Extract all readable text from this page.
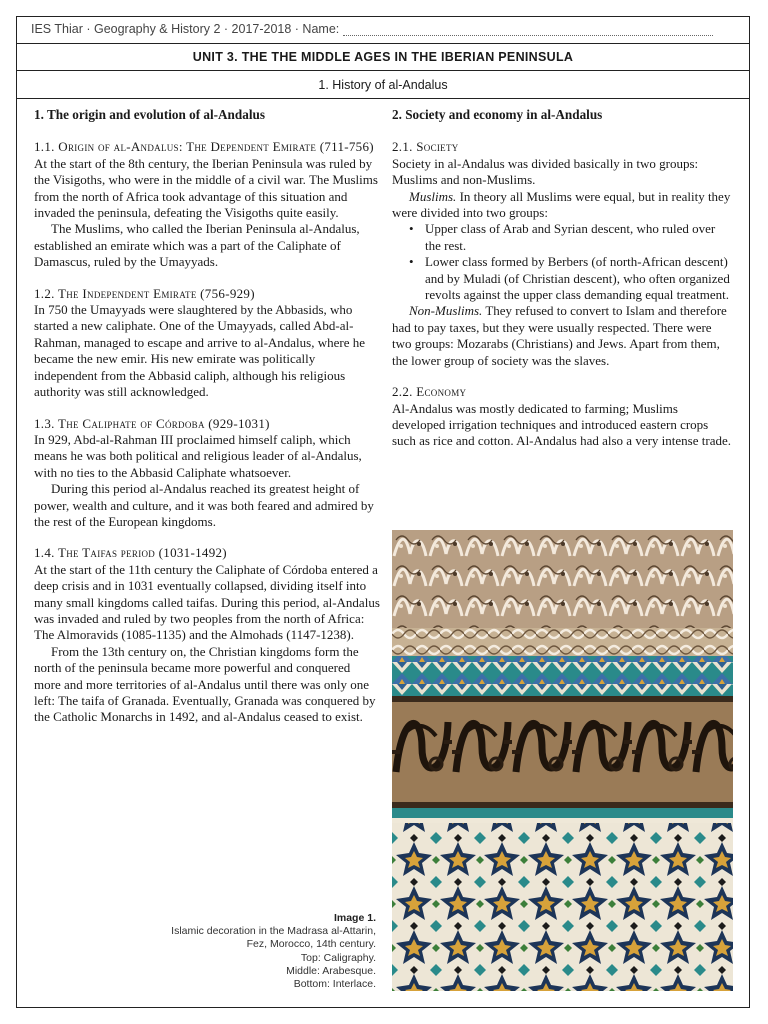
IES Thiar · Geography & History 2 · 2017-2018 · Name:
UNIT 3. THE THE MIDDLE AGES IN THE IBERIAN PENINSULA
1. History of al-Andalus
1. The origin and evolution of al-Andalus

1.1. Origin of al-Andalus: The Dependent Emirate (711-756)

At the start of the 8th century, the Iberian Peninsula was ruled by the Visigoths, who were in the middle of a civil war. The Muslims from the north of Africa took advantage of this situation and invaded the peninsula, defeating the Visigoths quite easily.

The Muslims, who called the Iberian Peninsula al-Andalus, established an emirate which was a part of the Caliphate of Damascus, ruled by the Umayyads.

1.2. The Independent Emirate (756-929)

In 750 the Umayyads were slaughtered by the Abbasids, who started a new caliphate. One of the Umayyads, called Abd-al-Rahman, managed to escape and arrive to al-Andalus, where he became the new emir. His new emirate was politically independent from the Abbasid caliph, although his religious authority was still acknowledged.

1.3. The Caliphate of Córdoba (929-1031)

In 929, Abd-al-Rahman III proclaimed himself caliph, which means he was both political and religious leader of al-Andalus, with no ties to the Abbasid Caliphate whatsoever.

During this period al-Andalus reached its greatest height of power, wealth and culture, and it was both feared and admired by the rest of the European kingdoms.

1.4. The Taifas period (1031-1492)

At the start of the 11th century the Caliphate of Córdoba entered a deep crisis and in 1031 eventually collapsed, dividing itself into many small kingdoms called taifas. During this period, al-Andalus was invaded and ruled by two peoples from the north of Africa: The Almoravids (1085-1135) and the Almohads (1147-1238).

From the 13th century on, the Christian kingdoms form the north of the peninsula became more powerful and conquered more and more territories of al-Andalus until there was only one left: The taifa of Granada. Eventually, Granada was conquered by the Catholic Monarchs in 1492, and al-Andalus ceased to exist.

2. Society and economy in al-Andalus

2.1. Society

Society in al-Andalus was divided basically in two groups: Muslims and non-Muslims.

Muslims. In theory all Muslims were equal, but in reality they were divided into two groups:

• Upper class of Arab and Syrian descent, who ruled over the rest.
• Lower class formed by Berbers (of north-African descent) and by Muladi (of Christian descent), who often organized revolts against the upper class demanding equal treatment.

Non-Muslims. They refused to convert to Islam and therefore had to pay taxes, but they were usually respected. There were two groups: Mozarabs (Christians) and Jews. Apart from them, the lower group of society was the slaves.

2.2. Economy

Al-Andalus was mostly dedicated to farming; Muslims developed irrigation techniques and introduced eastern crops such as rice and cotton. Al-Andalus had also a very intense trade.

Image 1.
Islamic decoration in the Madrasa al-Attarin,
Fez, Morocco, 14th century.
Top: Caligraphy.
Middle: Arabesque.
Bottom: Interlace.
